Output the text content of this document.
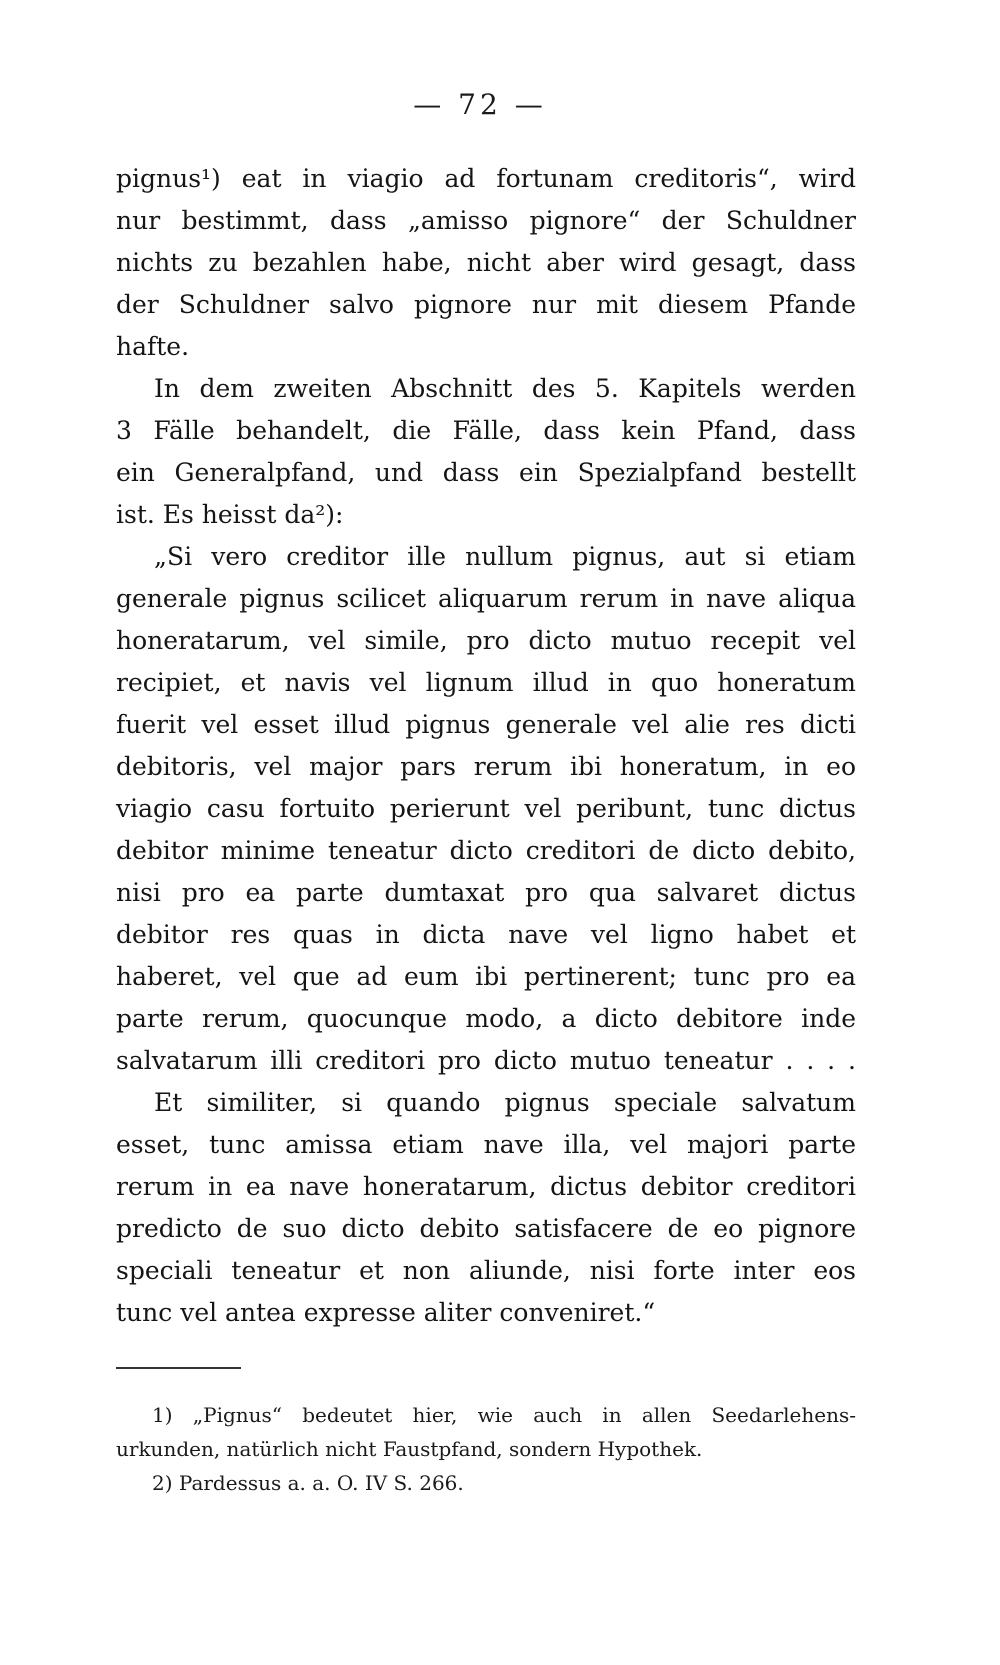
— 72 —
pignus¹) eat in viagio ad fortunam creditoris“, wird
nur bestimmt, dass „amisso pignore“ der Schuldner
nichts zu bezahlen habe, nicht aber wird gesagt, dass
der Schuldner salvo pignore nur mit diesem Pfande
hafte.
In dem zweiten Abschnitt des 5. Kapitels werden
3 Fälle behandelt, die Fälle, dass kein Pfand, dass
ein Generalpfand, und dass ein Spezialpfand bestellt
ist. Es heisst da²):
„Si vero creditor ille nullum pignus, aut si etiam
generale pignus scilicet aliquarum rerum in nave aliqua
honeratarum, vel simile, pro dicto mutuo recepit vel
recipiet, et navis vel lignum illud in quo honeratum
fuerit vel esset illud pignus generale vel alie res dicti
debitoris, vel major pars rerum ibi honeratum, in eo
viagio casu fortuito perierunt vel peribunt, tunc dictus
debitor minime teneatur dicto creditori de dicto debito,
nisi pro ea parte dumtaxat pro qua salvaret dictus
debitor res quas in dicta nave vel ligno habet et
haberet, vel que ad eum ibi pertinerent; tunc pro ea
parte rerum, quocunque modo, a dicto debitore inde
salvatarum illi creditori pro dicto mutuo teneatur . . . .
Et similiter, si quando pignus speciale salvatum
esset, tunc amissa etiam nave illa, vel majori parte
rerum in ea nave honeratarum, dictus debitor creditori
predicto de suo dicto debito satisfacere de eo pignore
speciali teneatur et non aliunde, nisi forte inter eos
tunc vel antea expresse aliter conveniret.“
1) „Pignus“ bedeutet hier, wie auch in allen Seedarlehens-
urkunden, natürlich nicht Faustpfand, sondern Hypothek.
2) Pardessus a. a. O. IV S. 266.
